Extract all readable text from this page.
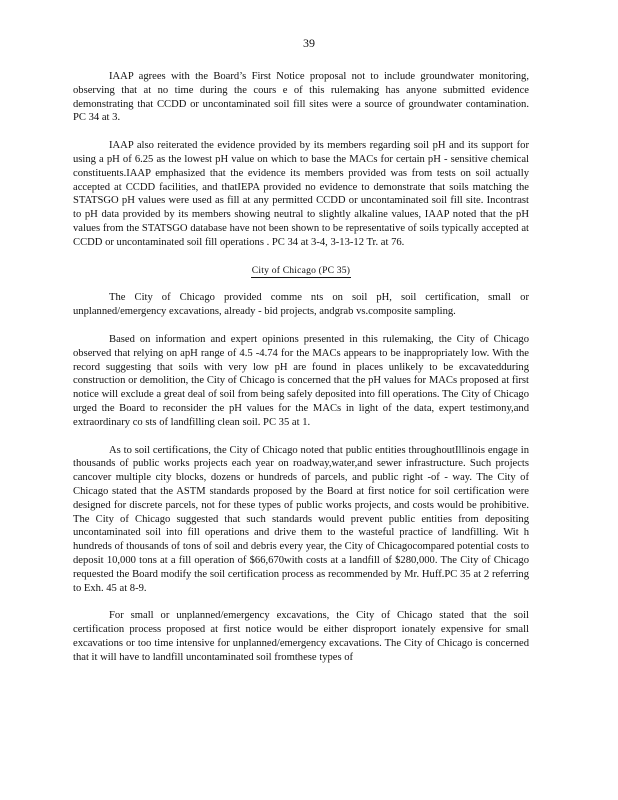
39

IAAP agrees with the Board’s First Notice proposal not to include groundwater monitoring, observing that at no time during the cours e of this rulemaking has anyone submitted evidence demonstrating that CCDD or uncontaminated soil fill sites were a source of groundwater contamination. PC 34 at 3.

IAAP also reiterated the evidence provided by its members regarding soil pH and its support for using a pH of 6.25 as the lowest pH value on which to base the MACs for certain pH - sensitive chemical constituents.IAAP emphasized that the evidence its members provided was from tests on soil actually accepted at CCDD facilities, and thatIEPA provided no evidence to demonstrate that soils matching the STATSGO pH values were used as fill at any permitted CCDD or uncontaminated soil fill site. Incontrast to pH data provided by its members showing neutral to slightly alkaline values, IAAP noted that the pH values from the STATSGO database have not been shown to be representative of soils typically accepted at CCDD or uncontaminated soil fill operations . PC 34 at 3-4, 3-13-12 Tr. at 76.

City of Chicago (PC 35)

The City of Chicago provided comme nts on soil pH, soil certification, small or unplanned/emergency excavations, already - bid projects, andgrab vs.composite sampling.

Based on information and expert opinions presented in this rulemaking, the City of Chicago observed that relying on apH range of 4.5 -4.74 for the MACs appears to be inappropriately low. With the record suggesting that soils with very low pH are found in places unlikely to be excavatedduring construction or demolition, the City of Chicago is concerned that the pH values for MACs proposed at first notice will exclude a great deal of soil from being safely deposited into fill operations. The City of Chicago urged the Board to reconsider the pH values for the MACs in light of the data, expert testimony,and extraordinary co sts of landfilling clean soil. PC 35 at 1.

As to soil certifications, the City of Chicago noted that public entities throughoutIllinois engage in thousands of public works projects each year on roadway,water,and sewer infrastructure. Such projects cancover multiple city blocks, dozens or hundreds of parcels, and public right -of - way. The City of Chicago stated that the ASTM standards proposed by the Board at first notice for soil certification were designed for discrete parcels, not for these types of public works projects, and costs would be prohibitive. The City of Chicago suggested that such standards would prevent public entities from depositing uncontaminated soil into fill operations and drive them to the wasteful practice of landfilling. Wit h hundreds of thousands of tons of soil and debris every year, the City of Chicagocompared potential costs to deposit 10,000 tons at a fill operation of $66,670with costs at a landfill of $280,000. The City of Chicago requested the Board modify the soil certification process as recommended by Mr. Huff.PC 35 at 2 referring to Exh. 45 at 8-9.

For small or unplanned/emergency excavations, the City of Chicago stated that the soil certification process proposed at first notice would be either disproport ionately expensive for small excavations or too time intensive for unplanned/emergency excavations. The City of Chicago is concerned that it will have to landfill uncontaminated soil fromthese types of
